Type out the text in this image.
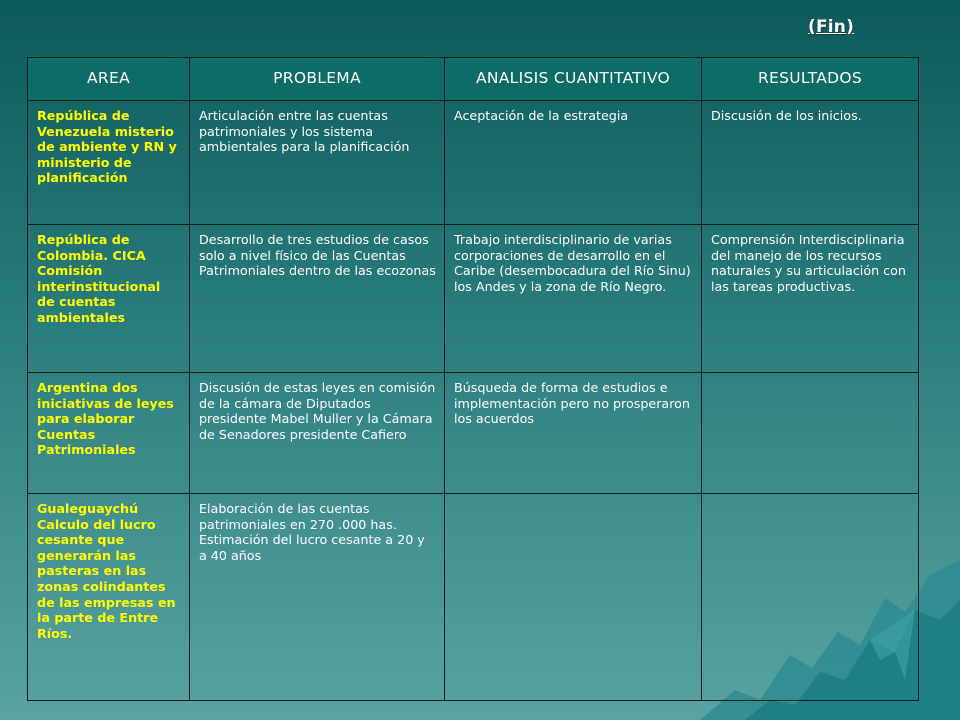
(Fin)
AREA	PROBLEMA	ANALISIS CUANTITATIVO	RESULTADOS
República de Venezuela misterio de ambiente y RN y ministerio de planificación	Articulación entre las cuentas patrimoniales y los sistema ambientales para la planificación	Aceptación de la estrategia	Discusión de los inicios.
República de Colombia. CICA Comisión interinstitucional de cuentas ambientales	Desarrollo de tres estudios de casos solo a nivel físico de las Cuentas Patrimoniales dentro de las ecozonas	Trabajo interdisciplinario de varias corporaciones de desarrollo en el Caribe (desembocadura del Río Sinu) los Andes y la zona de Río Negro.	Comprensión Interdisciplinaria del manejo de los recursos naturales y su articulación con las tareas productivas.
Argentina dos iniciativas de leyes para elaborar Cuentas Patrimoniales	Discusión de estas leyes en comisión de la cámara de Diputados presidente Mabel Muller y la Cámara de Senadores presidente Cafiero	Búsqueda de forma de estudios e implementación pero no prosperaron los acuerdos	
Gualeguaychú Calculo del lucro cesante que generarán las pasteras en las zonas colindantes de las empresas en la parte de Entre Ríos.	Elaboración de las cuentas patrimoniales en 270 .000 has. Estimación del lucro cesante a 20 y a 40 años		
